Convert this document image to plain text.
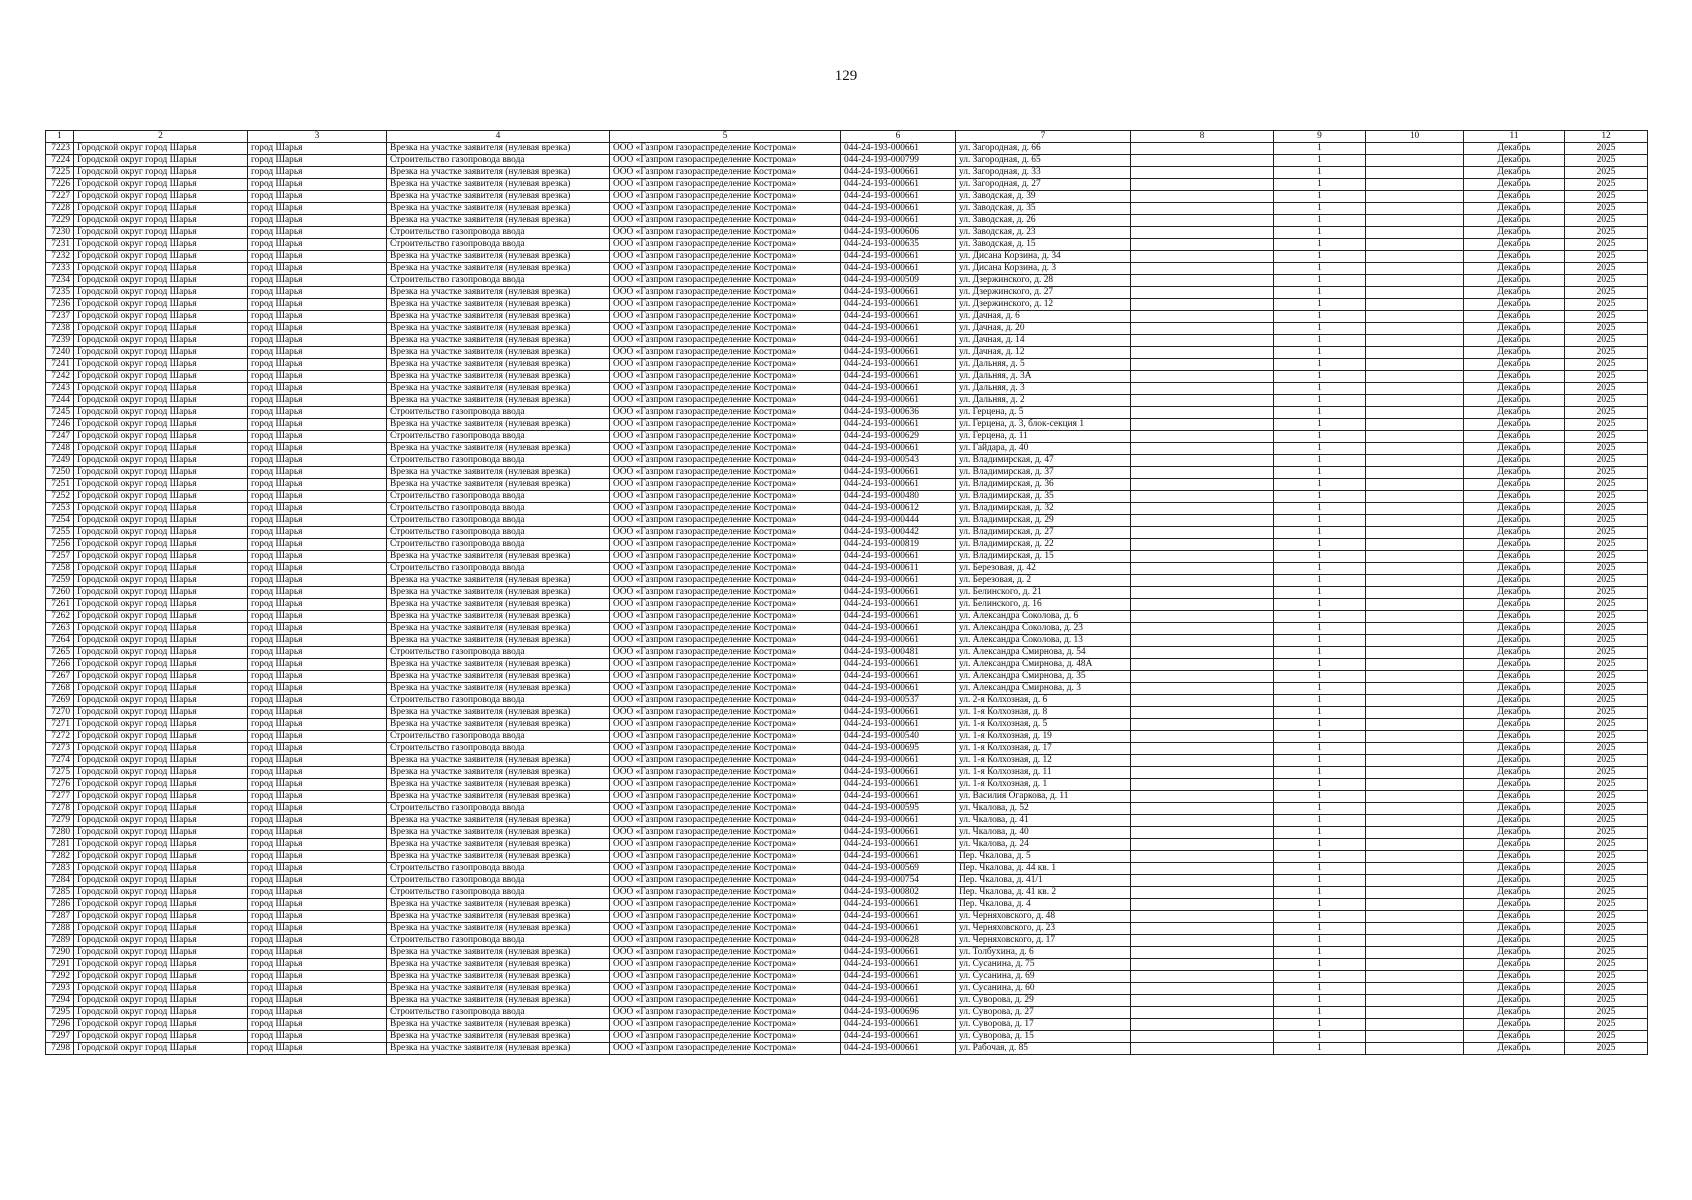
129
1	2	3	4	5	6	7	8	9	10	11	12
7223	Городской округ город Шарья	город Шарья	Врезка на участке заявителя (нулевая врезка)	ООО «Газпром газораспределение Кострома»	044-24-193-000661	ул. Загородная, д. 66		1		Декабрь	2025
7224	Городской округ город Шарья	город Шарья	Строительство газопровода ввода	ООО «Газпром газораспределение Кострома»	044-24-193-000799	ул. Загородная, д. 65		1		Декабрь	2025
7225	Городской округ город Шарья	город Шарья	Врезка на участке заявителя (нулевая врезка)	ООО «Газпром газораспределение Кострома»	044-24-193-000661	ул. Загородная, д. 33		1		Декабрь	2025
7226	Городской округ город Шарья	город Шарья	Врезка на участке заявителя (нулевая врезка)	ООО «Газпром газораспределение Кострома»	044-24-193-000661	ул. Загородная, д. 27		1		Декабрь	2025
7227	Городской округ город Шарья	город Шарья	Врезка на участке заявителя (нулевая врезка)	ООО «Газпром газораспределение Кострома»	044-24-193-000661	ул. Заводская, д. 39		1		Декабрь	2025
7228	Городской округ город Шарья	город Шарья	Врезка на участке заявителя (нулевая врезка)	ООО «Газпром газораспределение Кострома»	044-24-193-000661	ул. Заводская, д. 35		1		Декабрь	2025
7229	Городской округ город Шарья	город Шарья	Врезка на участке заявителя (нулевая врезка)	ООО «Газпром газораспределение Кострома»	044-24-193-000661	ул. Заводская, д. 26		1		Декабрь	2025
7230	Городской округ город Шарья	город Шарья	Строительство газопровода ввода	ООО «Газпром газораспределение Кострома»	044-24-193-000606	ул. Заводская, д. 23		1		Декабрь	2025
7231	Городской округ город Шарья	город Шарья	Строительство газопровода ввода	ООО «Газпром газораспределение Кострома»	044-24-193-000635	ул. Заводская, д. 15		1		Декабрь	2025
7232	Городской округ город Шарья	город Шарья	Врезка на участке заявителя (нулевая врезка)	ООО «Газпром газораспределение Кострома»	044-24-193-000661	ул. Дисана Корзина, д. 34		1		Декабрь	2025
7233	Городской округ город Шарья	город Шарья	Врезка на участке заявителя (нулевая врезка)	ООО «Газпром газораспределение Кострома»	044-24-193-000661	ул. Дисана Корзина, д. 3		1		Декабрь	2025
7234	Городской округ город Шарья	город Шарья	Строительство газопровода ввода	ООО «Газпром газораспределение Кострома»	044-24-193-000509	ул. Дзержинского, д. 28		1		Декабрь	2025
7235	Городской округ город Шарья	город Шарья	Врезка на участке заявителя (нулевая врезка)	ООО «Газпром газораспределение Кострома»	044-24-193-000661	ул. Дзержинского, д. 27		1		Декабрь	2025
7236	Городской округ город Шарья	город Шарья	Врезка на участке заявителя (нулевая врезка)	ООО «Газпром газораспределение Кострома»	044-24-193-000661	ул. Дзержинского, д. 12		1		Декабрь	2025
7237	Городской округ город Шарья	город Шарья	Врезка на участке заявителя (нулевая врезка)	ООО «Газпром газораспределение Кострома»	044-24-193-000661	ул. Дачная, д. 6		1		Декабрь	2025
7238	Городской округ город Шарья	город Шарья	Врезка на участке заявителя (нулевая врезка)	ООО «Газпром газораспределение Кострома»	044-24-193-000661	ул. Дачная, д. 20		1		Декабрь	2025
7239	Городской округ город Шарья	город Шарья	Врезка на участке заявителя (нулевая врезка)	ООО «Газпром газораспределение Кострома»	044-24-193-000661	ул. Дачная, д. 14		1		Декабрь	2025
7240	Городской округ город Шарья	город Шарья	Врезка на участке заявителя (нулевая врезка)	ООО «Газпром газораспределение Кострома»	044-24-193-000661	ул. Дачная, д. 12		1		Декабрь	2025
7241	Городской округ город Шарья	город Шарья	Врезка на участке заявителя (нулевая врезка)	ООО «Газпром газораспределение Кострома»	044-24-193-000661	ул. Дальняя, д. 5		1		Декабрь	2025
7242	Городской округ город Шарья	город Шарья	Врезка на участке заявителя (нулевая врезка)	ООО «Газпром газораспределение Кострома»	044-24-193-000661	ул. Дальняя, д. 3А		1		Декабрь	2025
7243	Городской округ город Шарья	город Шарья	Врезка на участке заявителя (нулевая врезка)	ООО «Газпром газораспределение Кострома»	044-24-193-000661	ул. Дальняя, д. 3		1		Декабрь	2025
7244	Городской округ город Шарья	город Шарья	Врезка на участке заявителя (нулевая врезка)	ООО «Газпром газораспределение Кострома»	044-24-193-000661	ул. Дальняя, д. 2		1		Декабрь	2025
7245	Городской округ город Шарья	город Шарья	Строительство газопровода ввода	ООО «Газпром газораспределение Кострома»	044-24-193-000636	ул. Герцена, д. 5		1		Декабрь	2025
7246	Городской округ город Шарья	город Шарья	Врезка на участке заявителя (нулевая врезка)	ООО «Газпром газораспределение Кострома»	044-24-193-000661	ул. Герцена, д. 3, блок-секция 1		1		Декабрь	2025
7247	Городской округ город Шарья	город Шарья	Строительство газопровода ввода	ООО «Газпром газораспределение Кострома»	044-24-193-000629	ул. Герцена, д. 11		1		Декабрь	2025
7248	Городской округ город Шарья	город Шарья	Врезка на участке заявителя (нулевая врезка)	ООО «Газпром газораспределение Кострома»	044-24-193-000661	ул. Гайдара, д. 40		1		Декабрь	2025
7249	Городской округ город Шарья	город Шарья	Строительство газопровода ввода	ООО «Газпром газораспределение Кострома»	044-24-193-000543	ул. Владимирская, д. 47		1		Декабрь	2025
7250	Городской округ город Шарья	город Шарья	Врезка на участке заявителя (нулевая врезка)	ООО «Газпром газораспределение Кострома»	044-24-193-000661	ул. Владимирская, д. 37		1		Декабрь	2025
7251	Городской округ город Шарья	город Шарья	Врезка на участке заявителя (нулевая врезка)	ООО «Газпром газораспределение Кострома»	044-24-193-000661	ул. Владимирская, д. 36		1		Декабрь	2025
7252	Городской округ город Шарья	город Шарья	Строительство газопровода ввода	ООО «Газпром газораспределение Кострома»	044-24-193-000480	ул. Владимирская, д. 35		1		Декабрь	2025
7253	Городской округ город Шарья	город Шарья	Строительство газопровода ввода	ООО «Газпром газораспределение Кострома»	044-24-193-000612	ул. Владимирская, д. 32		1		Декабрь	2025
7254	Городской округ город Шарья	город Шарья	Строительство газопровода ввода	ООО «Газпром газораспределение Кострома»	044-24-193-000444	ул. Владимирская, д. 29		1		Декабрь	2025
7255	Городской округ город Шарья	город Шарья	Строительство газопровода ввода	ООО «Газпром газораспределение Кострома»	044-24-193-000442	ул. Владимирская, д. 27		1		Декабрь	2025
7256	Городской округ город Шарья	город Шарья	Строительство газопровода ввода	ООО «Газпром газораспределение Кострома»	044-24-193-000819	ул. Владимирская, д. 22		1		Декабрь	2025
7257	Городской округ город Шарья	город Шарья	Врезка на участке заявителя (нулевая врезка)	ООО «Газпром газораспределение Кострома»	044-24-193-000661	ул. Владимирская, д. 15		1		Декабрь	2025
7258	Городской округ город Шарья	город Шарья	Строительство газопровода ввода	ООО «Газпром газораспределение Кострома»	044-24-193-000611	ул. Березовая, д. 42		1		Декабрь	2025
7259	Городской округ город Шарья	город Шарья	Врезка на участке заявителя (нулевая врезка)	ООО «Газпром газораспределение Кострома»	044-24-193-000661	ул. Березовая, д. 2		1		Декабрь	2025
7260	Городской округ город Шарья	город Шарья	Врезка на участке заявителя (нулевая врезка)	ООО «Газпром газораспределение Кострома»	044-24-193-000661	ул. Белинского, д. 21		1		Декабрь	2025
7261	Городской округ город Шарья	город Шарья	Врезка на участке заявителя (нулевая врезка)	ООО «Газпром газораспределение Кострома»	044-24-193-000661	ул. Белинского, д. 16		1		Декабрь	2025
7262	Городской округ город Шарья	город Шарья	Врезка на участке заявителя (нулевая врезка)	ООО «Газпром газораспределение Кострома»	044-24-193-000661	ул. Александра Соколова, д. 6		1		Декабрь	2025
7263	Городской округ город Шарья	город Шарья	Врезка на участке заявителя (нулевая врезка)	ООО «Газпром газораспределение Кострома»	044-24-193-000661	ул. Александра Соколова, д. 23		1		Декабрь	2025
7264	Городской округ город Шарья	город Шарья	Врезка на участке заявителя (нулевая врезка)	ООО «Газпром газораспределение Кострома»	044-24-193-000661	ул. Александра Соколова, д. 13		1		Декабрь	2025
7265	Городской округ город Шарья	город Шарья	Строительство газопровода ввода	ООО «Газпром газораспределение Кострома»	044-24-193-000481	ул. Александра Смирнова, д. 54		1		Декабрь	2025
7266	Городской округ город Шарья	город Шарья	Врезка на участке заявителя (нулевая врезка)	ООО «Газпром газораспределение Кострома»	044-24-193-000661	ул. Александра Смирнова, д. 48А		1		Декабрь	2025
7267	Городской округ город Шарья	город Шарья	Врезка на участке заявителя (нулевая врезка)	ООО «Газпром газораспределение Кострома»	044-24-193-000661	ул. Александра Смирнова, д. 35		1		Декабрь	2025
7268	Городской округ город Шарья	город Шарья	Врезка на участке заявителя (нулевая врезка)	ООО «Газпром газораспределение Кострома»	044-24-193-000661	ул. Александра Смирнова, д. 3		1		Декабрь	2025
7269	Городской округ город Шарья	город Шарья	Строительство газопровода ввода	ООО «Газпром газораспределение Кострома»	044-24-193-000537	ул. 2-я Колхозная, д. 6		1		Декабрь	2025
7270	Городской округ город Шарья	город Шарья	Врезка на участке заявителя (нулевая врезка)	ООО «Газпром газораспределение Кострома»	044-24-193-000661	ул. 1-я Колхозная, д. 8		1		Декабрь	2025
7271	Городской округ город Шарья	город Шарья	Врезка на участке заявителя (нулевая врезка)	ООО «Газпром газораспределение Кострома»	044-24-193-000661	ул. 1-я Колхозная, д. 5		1		Декабрь	2025
7272	Городской округ город Шарья	город Шарья	Строительство газопровода ввода	ООО «Газпром газораспределение Кострома»	044-24-193-000540	ул. 1-я Колхозная, д. 19		1		Декабрь	2025
7273	Городской округ город Шарья	город Шарья	Строительство газопровода ввода	ООО «Газпром газораспределение Кострома»	044-24-193-000695	ул. 1-я Колхозная, д. 17		1		Декабрь	2025
7274	Городской округ город Шарья	город Шарья	Врезка на участке заявителя (нулевая врезка)	ООО «Газпром газораспределение Кострома»	044-24-193-000661	ул. 1-я Колхозная, д. 12		1		Декабрь	2025
7275	Городской округ город Шарья	город Шарья	Врезка на участке заявителя (нулевая врезка)	ООО «Газпром газораспределение Кострома»	044-24-193-000661	ул. 1-я Колхозная, д. 11		1		Декабрь	2025
7276	Городской округ город Шарья	город Шарья	Врезка на участке заявителя (нулевая врезка)	ООО «Газпром газораспределение Кострома»	044-24-193-000661	ул. 1-я Колхозная, д. 1		1		Декабрь	2025
7277	Городской округ город Шарья	город Шарья	Врезка на участке заявителя (нулевая врезка)	ООО «Газпром газораспределение Кострома»	044-24-193-000661	ул. Василия Огаркова, д. 11		1		Декабрь	2025
7278	Городской округ город Шарья	город Шарья	Строительство газопровода ввода	ООО «Газпром газораспределение Кострома»	044-24-193-000595	ул. Чкалова, д. 52		1		Декабрь	2025
7279	Городской округ город Шарья	город Шарья	Врезка на участке заявителя (нулевая врезка)	ООО «Газпром газораспределение Кострома»	044-24-193-000661	ул. Чкалова, д. 41		1		Декабрь	2025
7280	Городской округ город Шарья	город Шарья	Врезка на участке заявителя (нулевая врезка)	ООО «Газпром газораспределение Кострома»	044-24-193-000661	ул. Чкалова, д. 40		1		Декабрь	2025
7281	Городской округ город Шарья	город Шарья	Врезка на участке заявителя (нулевая врезка)	ООО «Газпром газораспределение Кострома»	044-24-193-000661	ул. Чкалова, д. 24		1		Декабрь	2025
7282	Городской округ город Шарья	город Шарья	Врезка на участке заявителя (нулевая врезка)	ООО «Газпром газораспределение Кострома»	044-24-193-000661	Пер. Чкалова, д. 5		1		Декабрь	2025
7283	Городской округ город Шарья	город Шарья	Строительство газопровода ввода	ООО «Газпром газораспределение Кострома»	044-24-193-000569	Пер. Чкалова, д. 44 кв. 1		1		Декабрь	2025
7284	Городской округ город Шарья	город Шарья	Строительство газопровода ввода	ООО «Газпром газораспределение Кострома»	044-24-193-000754	Пер. Чкалова, д. 41/1		1		Декабрь	2025
7285	Городской округ город Шарья	город Шарья	Строительство газопровода ввода	ООО «Газпром газораспределение Кострома»	044-24-193-000802	Пер. Чкалова, д. 41 кв. 2		1		Декабрь	2025
7286	Городской округ город Шарья	город Шарья	Врезка на участке заявителя (нулевая врезка)	ООО «Газпром газораспределение Кострома»	044-24-193-000661	Пер. Чкалова, д. 4		1		Декабрь	2025
7287	Городской округ город Шарья	город Шарья	Врезка на участке заявителя (нулевая врезка)	ООО «Газпром газораспределение Кострома»	044-24-193-000661	ул. Черняховского, д. 48		1		Декабрь	2025
7288	Городской округ город Шарья	город Шарья	Врезка на участке заявителя (нулевая врезка)	ООО «Газпром газораспределение Кострома»	044-24-193-000661	ул. Черняховского, д. 23		1		Декабрь	2025
7289	Городской округ город Шарья	город Шарья	Строительство газопровода ввода	ООО «Газпром газораспределение Кострома»	044-24-193-000628	ул. Черняховского, д. 17		1		Декабрь	2025
7290	Городской округ город Шарья	город Шарья	Врезка на участке заявителя (нулевая врезка)	ООО «Газпром газораспределение Кострома»	044-24-193-000661	ул. Толбухина, д. 6		1		Декабрь	2025
7291	Городской округ город Шарья	город Шарья	Врезка на участке заявителя (нулевая врезка)	ООО «Газпром газораспределение Кострома»	044-24-193-000661	ул. Сусанина, д. 75		1		Декабрь	2025
7292	Городской округ город Шарья	город Шарья	Врезка на участке заявителя (нулевая врезка)	ООО «Газпром газораспределение Кострома»	044-24-193-000661	ул. Сусанина, д. 69		1		Декабрь	2025
7293	Городской округ город Шарья	город Шарья	Врезка на участке заявителя (нулевая врезка)	ООО «Газпром газораспределение Кострома»	044-24-193-000661	ул. Сусанина, д. 60		1		Декабрь	2025
7294	Городской округ город Шарья	город Шарья	Врезка на участке заявителя (нулевая врезка)	ООО «Газпром газораспределение Кострома»	044-24-193-000661	ул. Суворова, д. 29		1		Декабрь	2025
7295	Городской округ город Шарья	город Шарья	Строительство газопровода ввода	ООО «Газпром газораспределение Кострома»	044-24-193-000696	ул. Суворова, д. 27		1		Декабрь	2025
7296	Городской округ город Шарья	город Шарья	Врезка на участке заявителя (нулевая врезка)	ООО «Газпром газораспределение Кострома»	044-24-193-000661	ул. Суворова, д. 17		1		Декабрь	2025
7297	Городской округ город Шарья	город Шарья	Врезка на участке заявителя (нулевая врезка)	ООО «Газпром газораспределение Кострома»	044-24-193-000661	ул. Суворова, д. 15		1		Декабрь	2025
7298	Городской округ город Шарья	город Шарья	Врезка на участке заявителя (нулевая врезка)	ООО «Газпром газораспределение Кострома»	044-24-193-000661	ул. Рабочая, д. 85		1		Декабрь	2025
